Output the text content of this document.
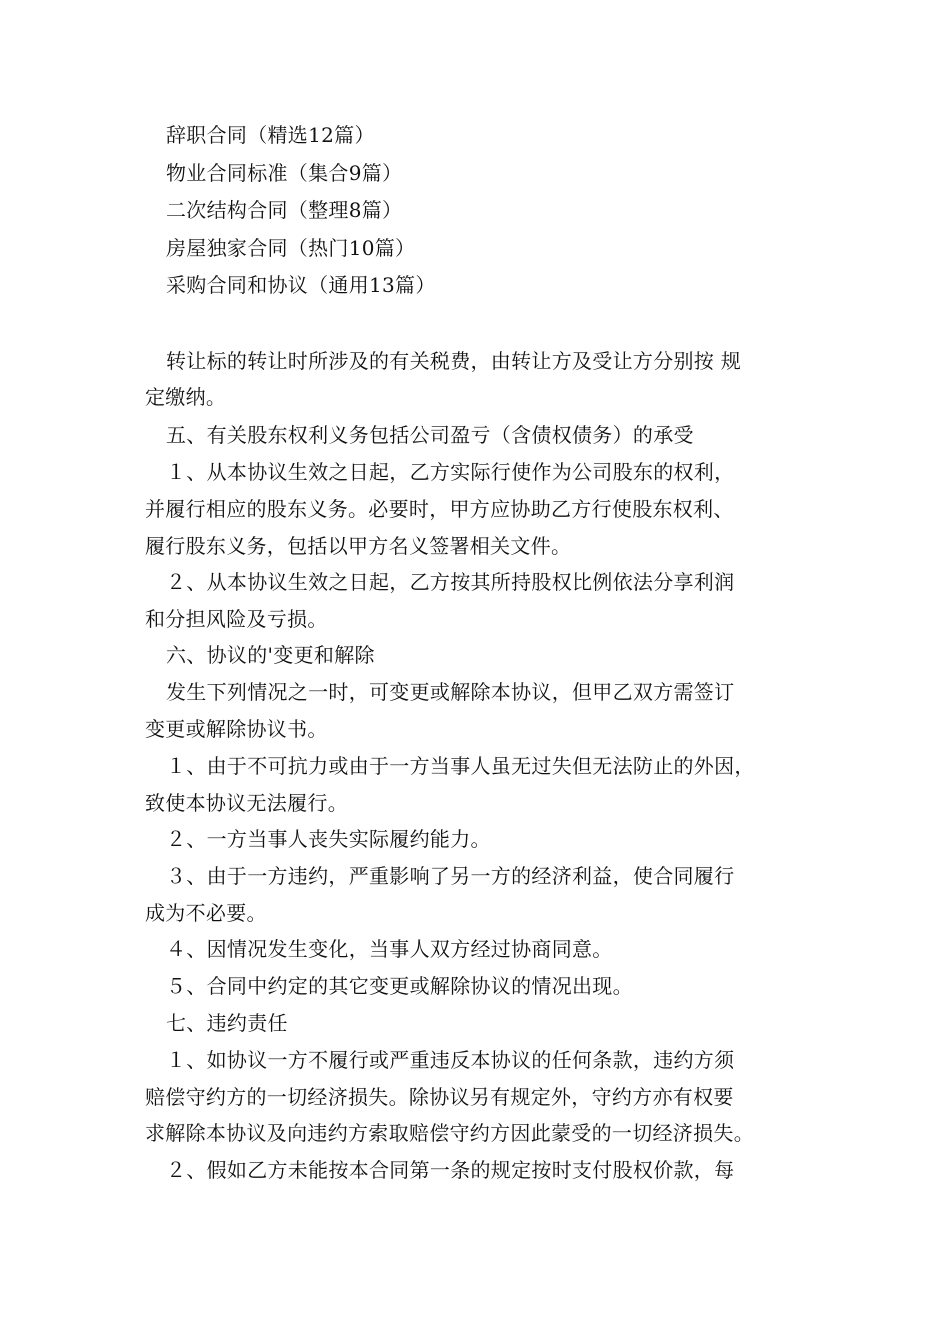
辞职合同（精选12篇）
物业合同标准（集合9篇）
二次结构合同（整理8篇）
房屋独家合同（热门10篇）
采购合同和协议（通用13篇）
转让标的转让时所涉及的有关税费，由转让方及受让方分别按 规
定缴纳。
五、有关股东权利义务包括公司盈亏（含债权债务）的承受
１、从本协议生效之日起，乙方实际行使作为公司股东的权利，
并履行相应的股东义务。必要时，甲方应协助乙方行使股东权利、
履行股东义务，包括以甲方名义签署相关文件。
２、从本协议生效之日起，乙方按其所持股权比例依法分享利润
和分担风险及亏损。
六、协议的'变更和解除
发生下列情况之一时，可变更或解除本协议，但甲乙双方需签订
变更或解除协议书。
１、由于不可抗力或由于一方当事人虽无过失但无法防止的外因，
致使本协议无法履行。
２、一方当事人丧失实际履约能力。
３、由于一方违约，严重影响了另一方的经济利益，使合同履行
成为不必要。
４、因情况发生变化，当事人双方经过协商同意。
５、合同中约定的其它变更或解除协议的情况出现。
七、违约责任
１、如协议一方不履行或严重违反本协议的任何条款，违约方须
赔偿守约方的一切经济损失。除协议另有规定外，守约方亦有权要
求解除本协议及向违约方索取赔偿守约方因此蒙受的一切经济损失。
２、假如乙方未能按本合同第一条的规定按时支付股权价款，每
